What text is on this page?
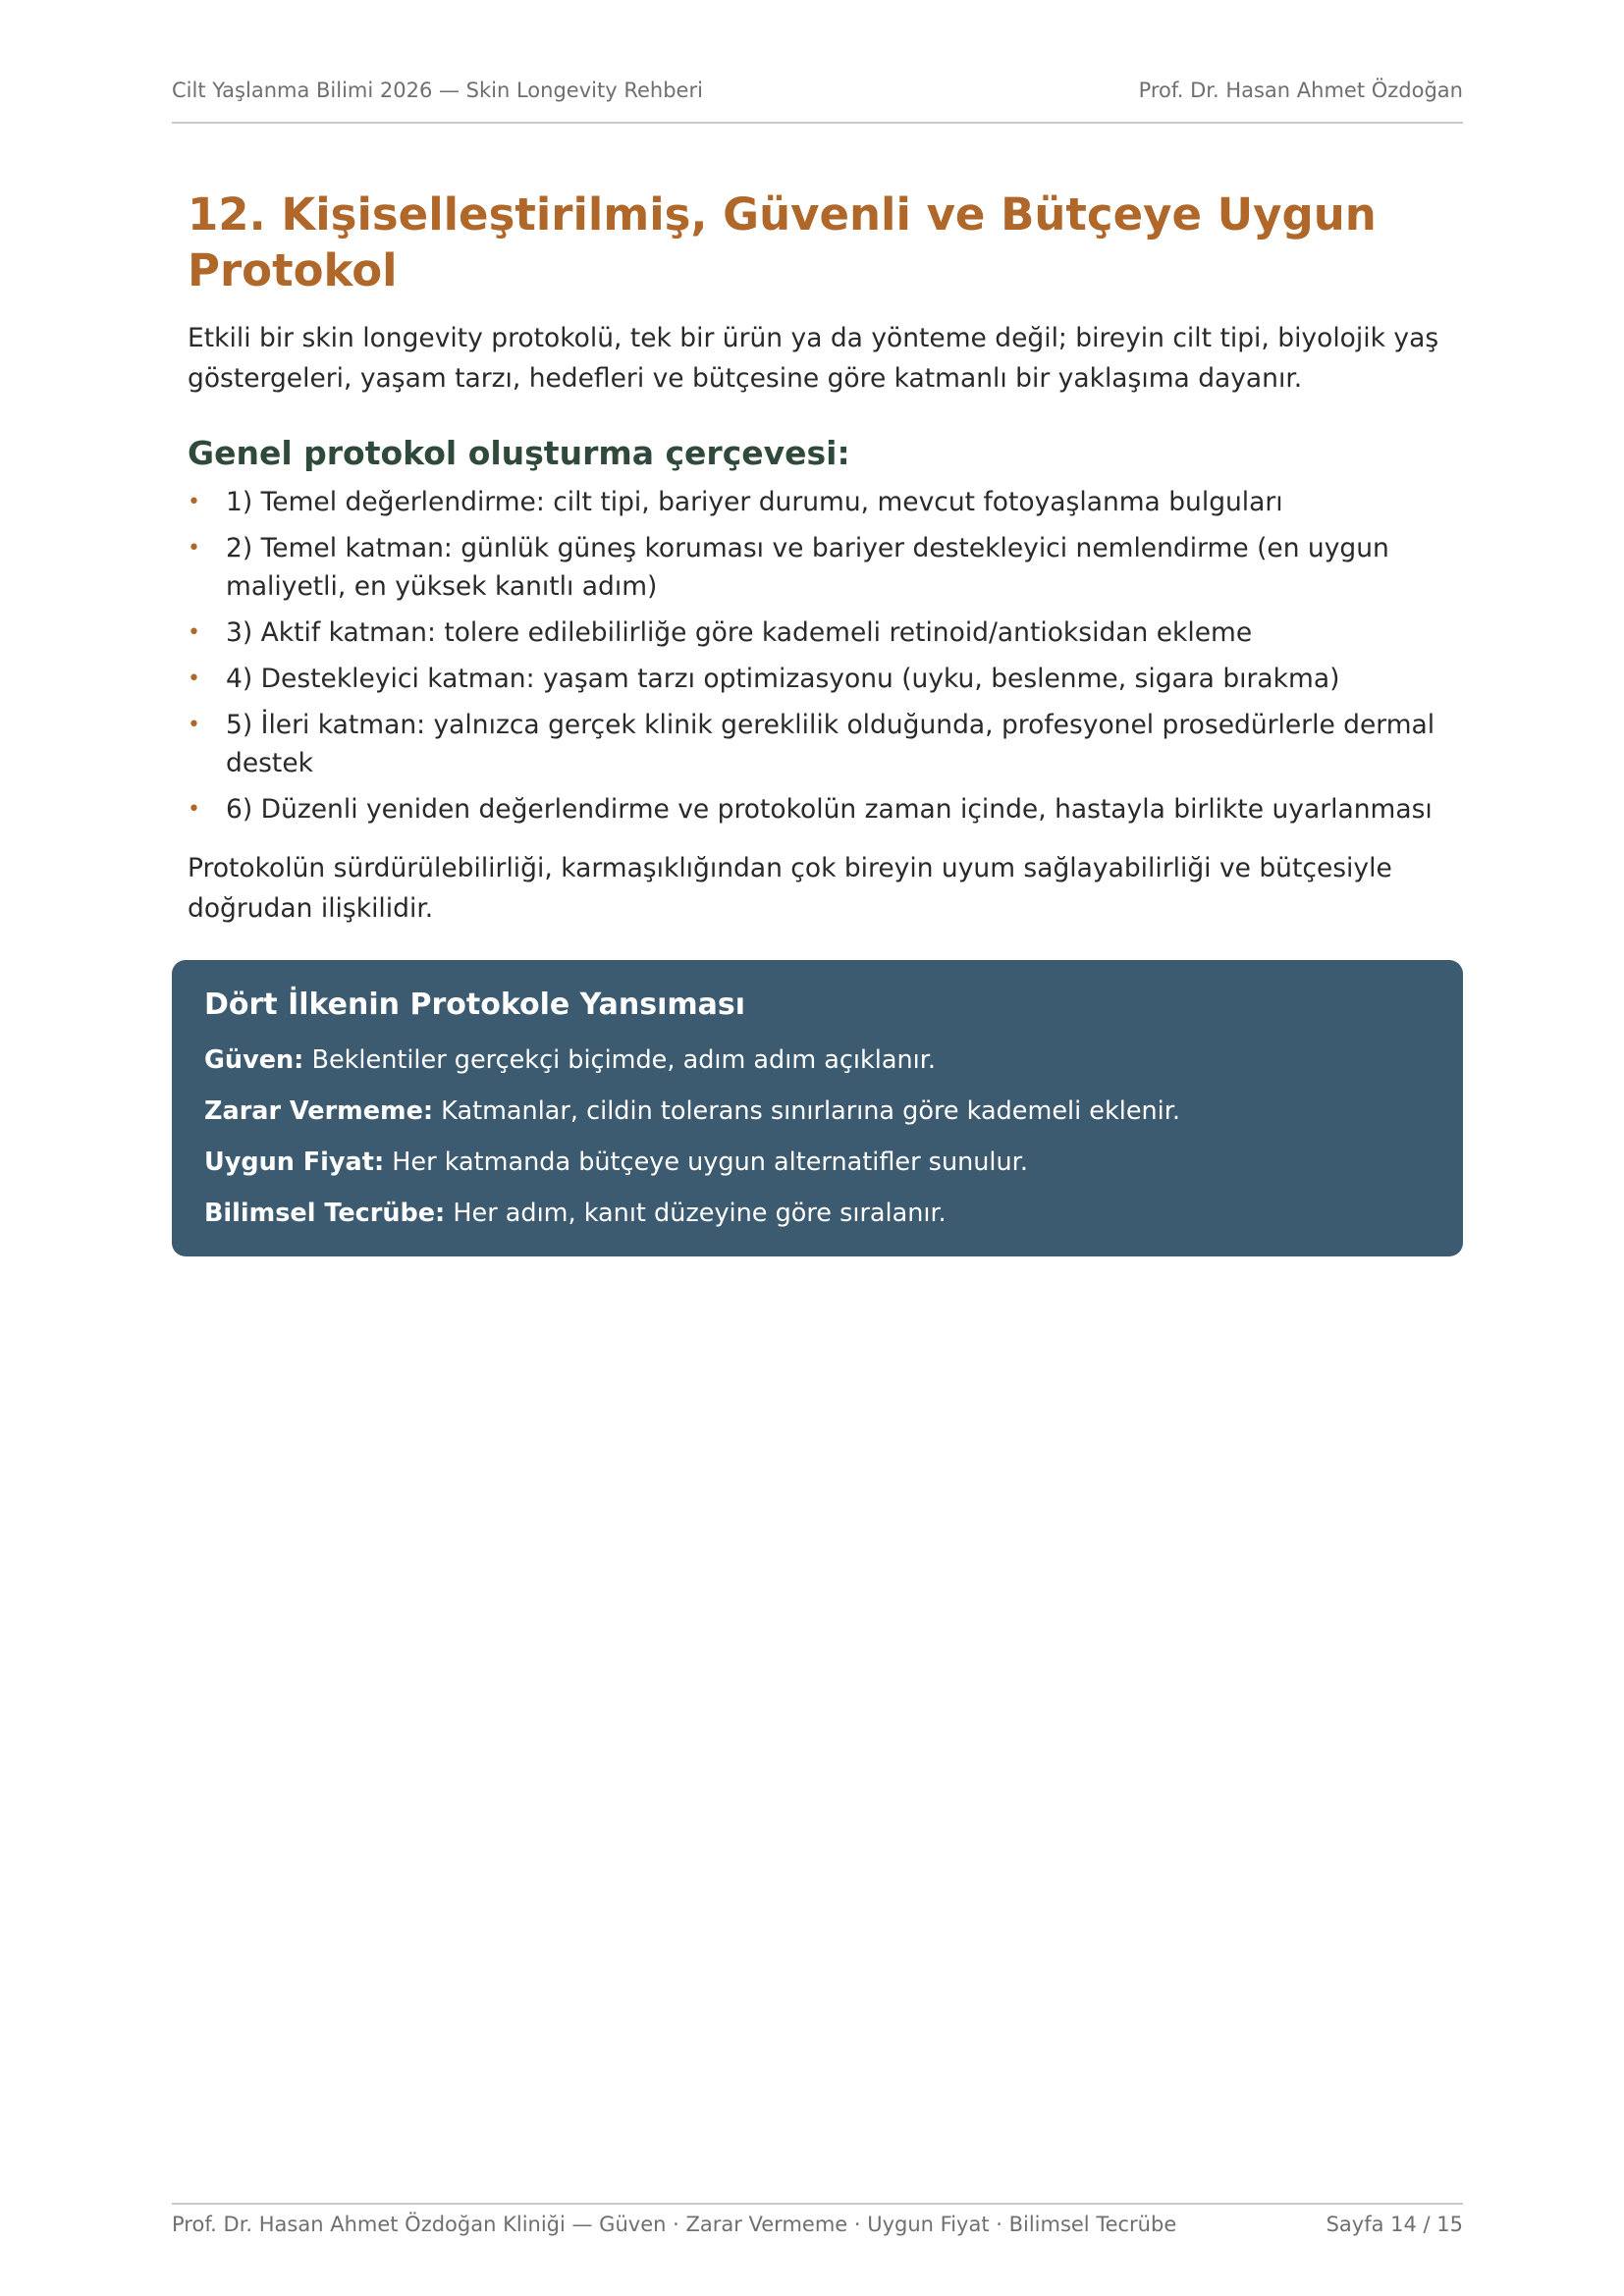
Cilt Yaşlanma Bilimi 2026 — Skin Longevity Rehberi	Prof. Dr. Hasan Ahmet Özdoğan
12. Kişiselleştirilmiş, Güvenli ve Bütçeye Uygun Protokol

Etkili bir skin longevity protokolü, tek bir ürün ya da yönteme değil; bireyin cilt tipi, biyolojik yaş göstergeleri, yaşam tarzı, hedefleri ve bütçesine göre katmanlı bir yaklaşıma dayanır.

Genel protokol oluşturma çerçevesi:
• 1) Temel değerlendirme: cilt tipi, bariyer durumu, mevcut fotoyaşlanma bulguları
• 2) Temel katman: günlük güneş koruması ve bariyer destekleyici nemlendirme (en uygun maliyetli, en yüksek kanıtlı adım)
• 3) Aktif katman: tolere edilebilirliğe göre kademeli retinoid/antioksidan ekleme
• 4) Destekleyici katman: yaşam tarzı optimizasyonu (uyku, beslenme, sigara bırakma)
• 5) İleri katman: yalnızca gerçek klinik gereklilik olduğunda, profesyonel prosedürlerle dermal destek
• 6) Düzenli yeniden değerlendirme ve protokolün zaman içinde, hastayla birlikte uyarlanması

Protokolün sürdürülebilirliği, karmaşıklığından çok bireyin uyum sağlayabilirliği ve bütçesiyle doğrudan ilişkilidir.

Dört İlkenin Protokole Yansıması
Güven: Beklentiler gerçekçi biçimde, adım adım açıklanır.
Zarar Vermeme: Katmanlar, cildin tolerans sınırlarına göre kademeli eklenir.
Uygun Fiyat: Her katmanda bütçeye uygun alternatifler sunulur.
Bilimsel Tecrübe: Her adım, kanıt düzeyine göre sıralanır.
Prof. Dr. Hasan Ahmet Özdoğan Kliniği — Güven · Zarar Vermeme · Uygun Fiyat · Bilimsel Tecrübe	Sayfa 14 / 15
